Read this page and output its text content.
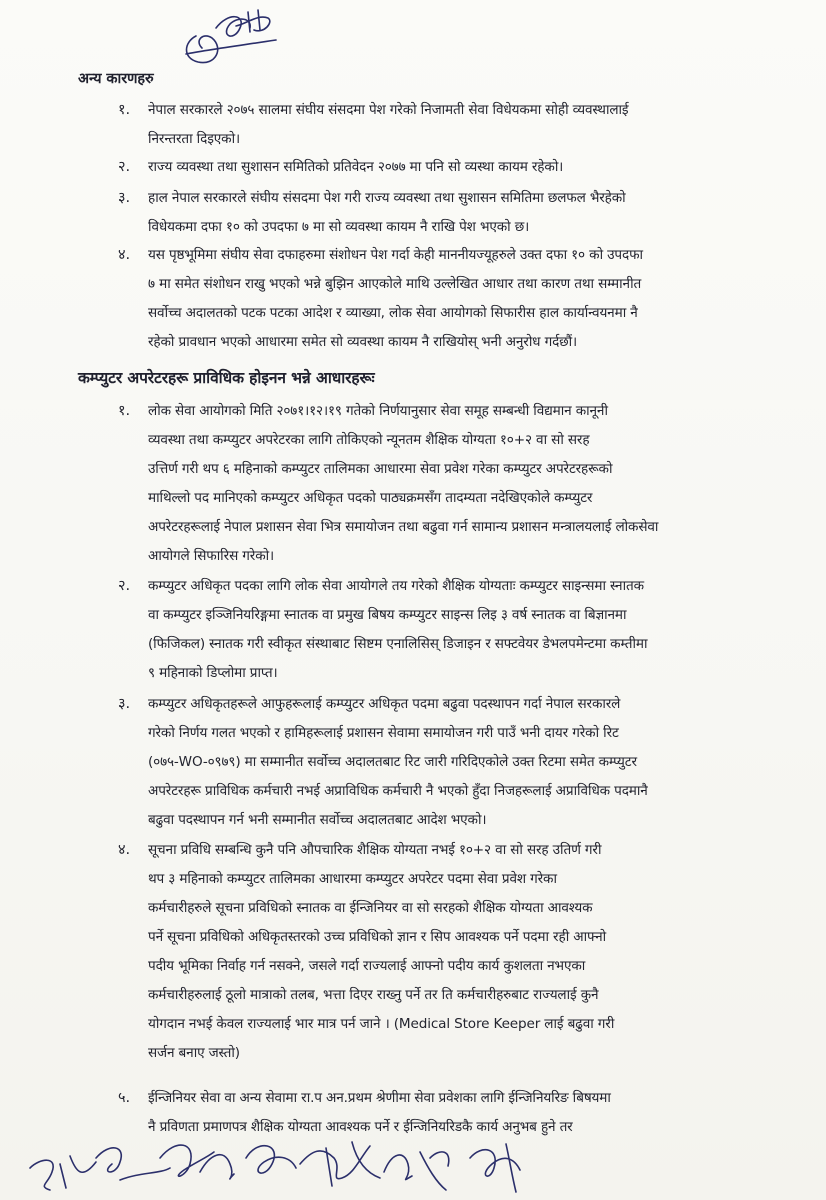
अन्य कारणहरु
१. नेपाल सरकारले २०७५ सालमा संघीय संसदमा पेश गरेको निजामती सेवा विधेयकमा सोही व्यवस्थालाई
निरन्तरता दिइएको।
२. राज्य व्यवस्था तथा सुशासन समितिको प्रतिवेदन २०७७ मा पनि सो व्यस्था कायम रहेको।
३. हाल नेपाल सरकारले संघीय संसदमा पेश गरी राज्य व्यवस्था तथा सुशासन समितिमा छलफल भैरहेको
विधेयकमा दफा १० को उपदफा ७ मा सो व्यवस्था कायम नै राखि पेश भएको छ।
४. यस पृष्ठभूमिमा संघीय सेवा दफाहरुमा संशोधन पेश गर्दा केही माननीयज्यूहरुले उक्त दफा १० को उपदफा
७ मा समेत संशोधन राखु भएको भन्ने बुझिन आएकोले माथि उल्लेखित आधार तथा कारण तथा सम्मानीत
सर्वोच्च अदालतको पटक पटका आदेश र व्याख्या, लोक सेवा आयोगको सिफारीस हाल कार्यान्वयनमा नै
रहेको प्रावधान भएको आधारमा समेत सो व्यवस्था कायम नै राखियोस् भनी अनुरोध गर्दछौं।
कम्प्युटर अपरेटरहरू प्राविधिक होइनन भन्ने आधारहरूः
१. लोक सेवा आयोगको मिति २०७१।१२।१९ गतेको निर्णयानुसार सेवा समूह सम्बन्धी विद्यमान कानूनी
व्यवस्था तथा कम्प्युटर अपरेटरका लागि तोकिएको न्यूनतम शैक्षिक योग्यता १०+२ वा सो सरह
उत्तिर्ण गरी थप ६ महिनाको कम्प्युटर तालिमका आधारमा सेवा प्रवेश गरेका कम्प्युटर अपरेटरहरूको
माथिल्लो पद मानिएको कम्प्युटर अधिकृत पदको पाठ्यक्रमसँग तादम्यता नदेखिएकोले कम्प्युटर
अपरेटरहरूलाई नेपाल प्रशासन सेवा भित्र समायोजन तथा बढुवा गर्न सामान्य प्रशासन मन्त्रालयलाई लोकसेवा
आयोगले सिफारिस गरेको।
२. कम्प्युटर अधिकृत पदका लागि लोक सेवा आयोगले तय गरेको शैक्षिक योग्यताः कम्प्युटर साइन्समा स्नातक
वा कम्प्युटर इञ्जिनियरिङ्गमा स्नातक वा प्रमुख बिषय कम्प्युटर साइन्स लिइ ३ वर्ष स्नातक वा बिज्ञानमा
(फिजिकल) स्नातक गरी स्वीकृत संस्थाबाट सिष्टम एनालिसिस् डिजाइन र सफ्टवेयर डेभलपमेन्टमा कम्तीमा
९ महिनाको डिप्लोमा प्राप्त।
३. कम्प्युटर अधिकृतहरूले आफुहरूलाई कम्प्युटर अधिकृत पदमा बढुवा पदस्थापन गर्दा नेपाल सरकारले
गरेको निर्णय गलत भएको र हामिहरूलाई प्रशासन सेवामा समायोजन गरी पाउँ भनी दायर गरेको रिट
(०७५-WO-०९७९) मा सम्मानीत सर्वोच्च अदालतबाट रिट जारी गरिदिएकोले उक्त रिटमा समेत कम्प्युटर
अपरेटरहरू प्राविधिक कर्मचारी नभई अप्राविधिक कर्मचारी नै भएको हुँदा निजहरूलाई अप्राविधिक पदमानै
बढुवा पदस्थापन गर्न भनी सम्मानीत सर्वोच्च अदालतबाट आदेश भएको।
४. सूचना प्रविधि सम्बन्धि कुनै पनि औपचारिक शैक्षिक योग्यता नभई १०+२ वा सो सरह उतिर्ण गरी
थप ३ महिनाको कम्प्युटर तालिमका आधारमा कम्प्युटर अपरेटर पदमा सेवा प्रवेश गरेका
कर्मचारीहरुले सूचना प्रविधिको स्नातक वा ईन्जिनियर वा सो सरहको शैक्षिक योग्यता आवश्यक
पर्ने सूचना प्रविधिको अधिकृतस्तरको उच्च प्रविधिको ज्ञान र सिप आवश्यक पर्ने पदमा रही आफ्नो
पदीय भूमिका निर्वाह गर्न नसक्ने, जसले गर्दा राज्यलाई आफ्नो पदीय कार्य कुशलता नभएका
कर्मचारीहरुलाई ठूलो मात्राको तलब, भत्ता दिएर राख्नु पर्ने तर ति कर्मचारीहरुबाट राज्यलाई कुनै
योगदान नभई केवल राज्यलाई भार मात्र पर्न जाने । (Medical Store Keeper लाई बढुवा गरी
सर्जन बनाए जस्तो)
५. ईन्जिनियर सेवा वा अन्य सेवामा रा.प अन.प्रथम श्रेणीमा सेवा प्रवेशका लागि ईन्जिनियरिङ बिषयमा
नै प्रविणता प्रमाणपत्र शैक्षिक योग्यता आवश्यक पर्ने र ईन्जिनियरिडकै कार्य अनुभब हुने तर
